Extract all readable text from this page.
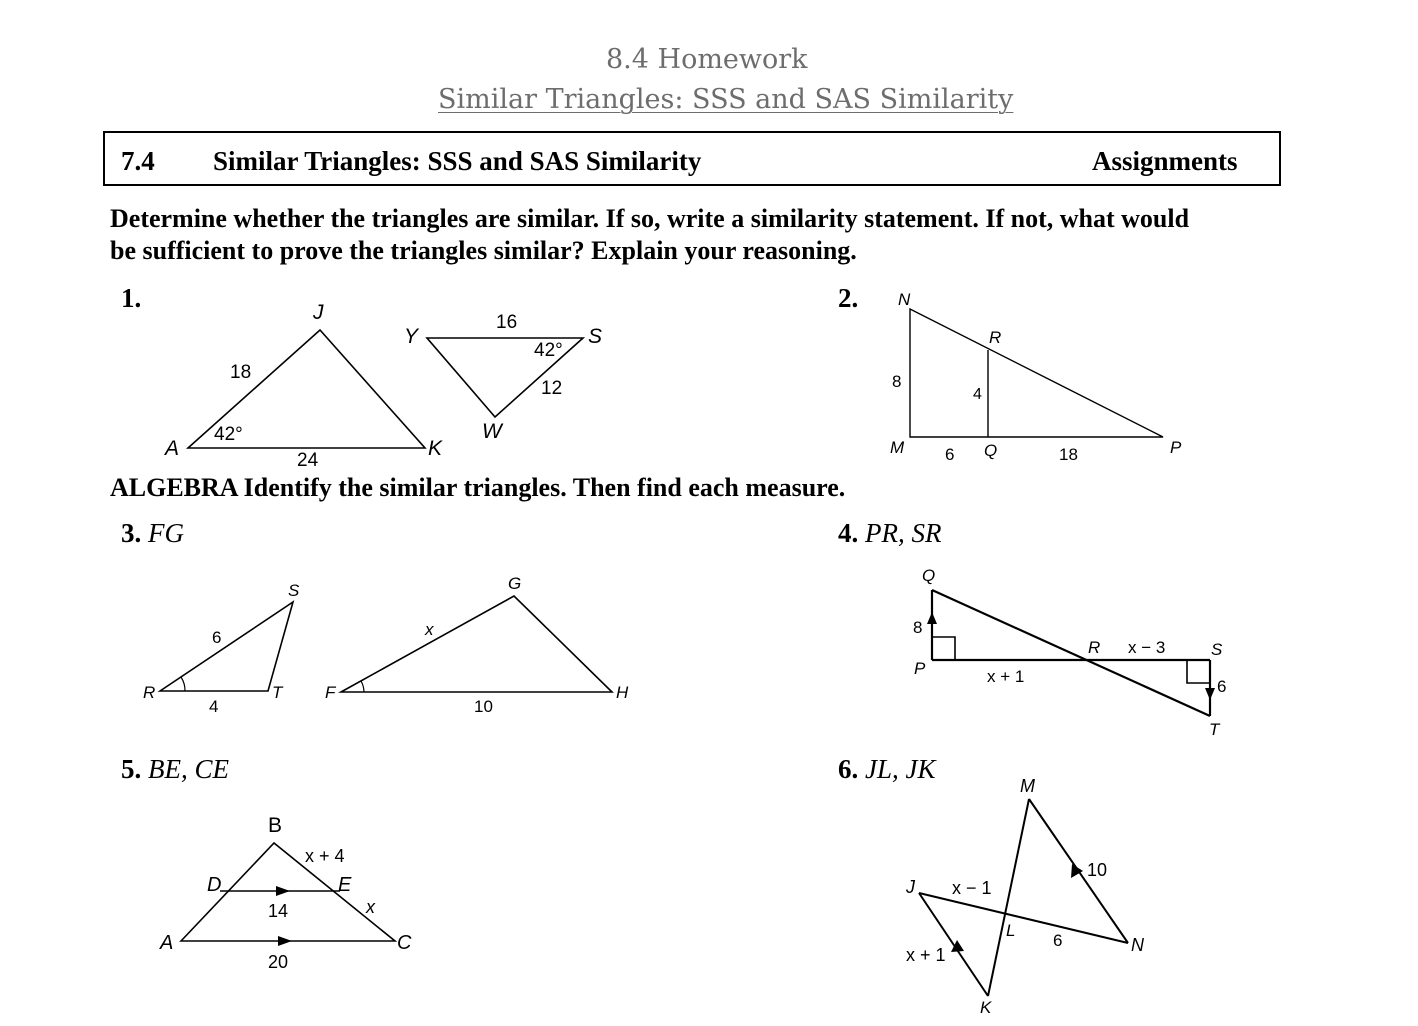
8.4 Homework
Similar Triangles: SSS and SAS Similarity
7.4 Similar Triangles: SSS and SAS Similarity	Assignments
Determine whether the triangles are similar. If so, write a similarity statement. If not, what would
be sufficient to prove the triangles similar? Explain your reasoning.
1.	2.
ALGEBRA Identify the similar triangles. Then find each measure.
3. FG	4. PR, SR
5. BE, CE	6. JL, JK
J
A	K
Y	S
W
18
24
42°
16
42°
12
N
R
M	Q	P
8
4
6	18
S
R	T
G
F	H
6
4
x
10
Q
P
R	S
T
8
x + 1
x − 3
6
B
D	E
A	C
x + 4
14	x
20
M
J
L
N
K
x − 1
10
6
x + 1
